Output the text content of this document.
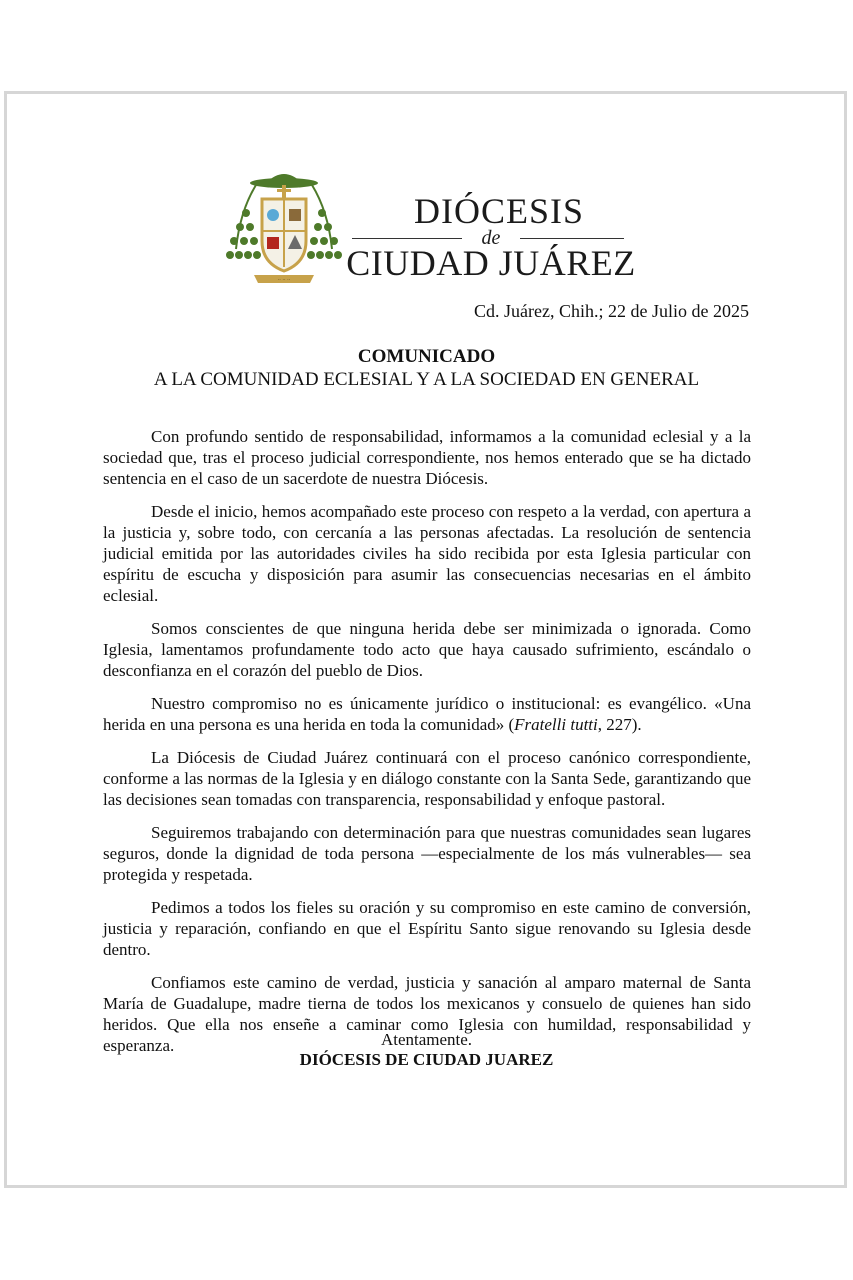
·· ·· ··
DIÓCESIS
de
CIUDAD JUÁREZ
Cd. Juárez, Chih.; 22 de Julio de 2025
COMUNICADO
A LA COMUNIDAD ECLESIAL Y A LA SOCIEDAD EN GENERAL

Con profundo sentido de responsabilidad, informamos a la comunidad eclesial y a la sociedad que, tras el proceso judicial correspondiente, nos hemos enterado que se ha dictado sentencia en el caso de un sacerdote de nuestra Diócesis.

Desde el inicio, hemos acompañado este proceso con respeto a la verdad, con apertura a la justicia y, sobre todo, con cercanía a las personas afectadas. La resolución de sentencia judicial emitida por las autoridades civiles ha sido recibida por esta Iglesia particular con espíritu de escucha y disposición para asumir las consecuencias necesarias en el ámbito eclesial.

Somos conscientes de que ninguna herida debe ser minimizada o ignorada. Como Iglesia, lamentamos profundamente todo acto que haya causado sufrimiento, escándalo o desconfianza en el corazón del pueblo de Dios.

Nuestro compromiso no es únicamente jurídico o institucional: es evangélico. «Una herida en una persona es una herida en toda la comunidad» (Fratelli tutti, 227).

La Diócesis de Ciudad Juárez continuará con el proceso canónico correspondiente, conforme a las normas de la Iglesia y en diálogo constante con la Santa Sede, garantizando que las decisiones sean tomadas con transparencia, responsabilidad y enfoque pastoral.

Seguiremos trabajando con determinación para que nuestras comunidades sean lugares seguros, donde la dignidad de toda persona —especialmente de los más vulnerables— sea protegida y respetada.

Pedimos a todos los fieles su oración y su compromiso en este camino de conversión, justicia y reparación, confiando en que el Espíritu Santo sigue renovando su Iglesia desde dentro.

Confiamos este camino de verdad, justicia y sanación al amparo maternal de Santa María de Guadalupe, madre tierna de todos los mexicanos y consuelo de quienes han sido heridos. Que ella nos enseñe a caminar como Iglesia con humildad, responsabilidad y esperanza.	Atentamente.
DIÓCESIS DE CIUDAD JUAREZ
